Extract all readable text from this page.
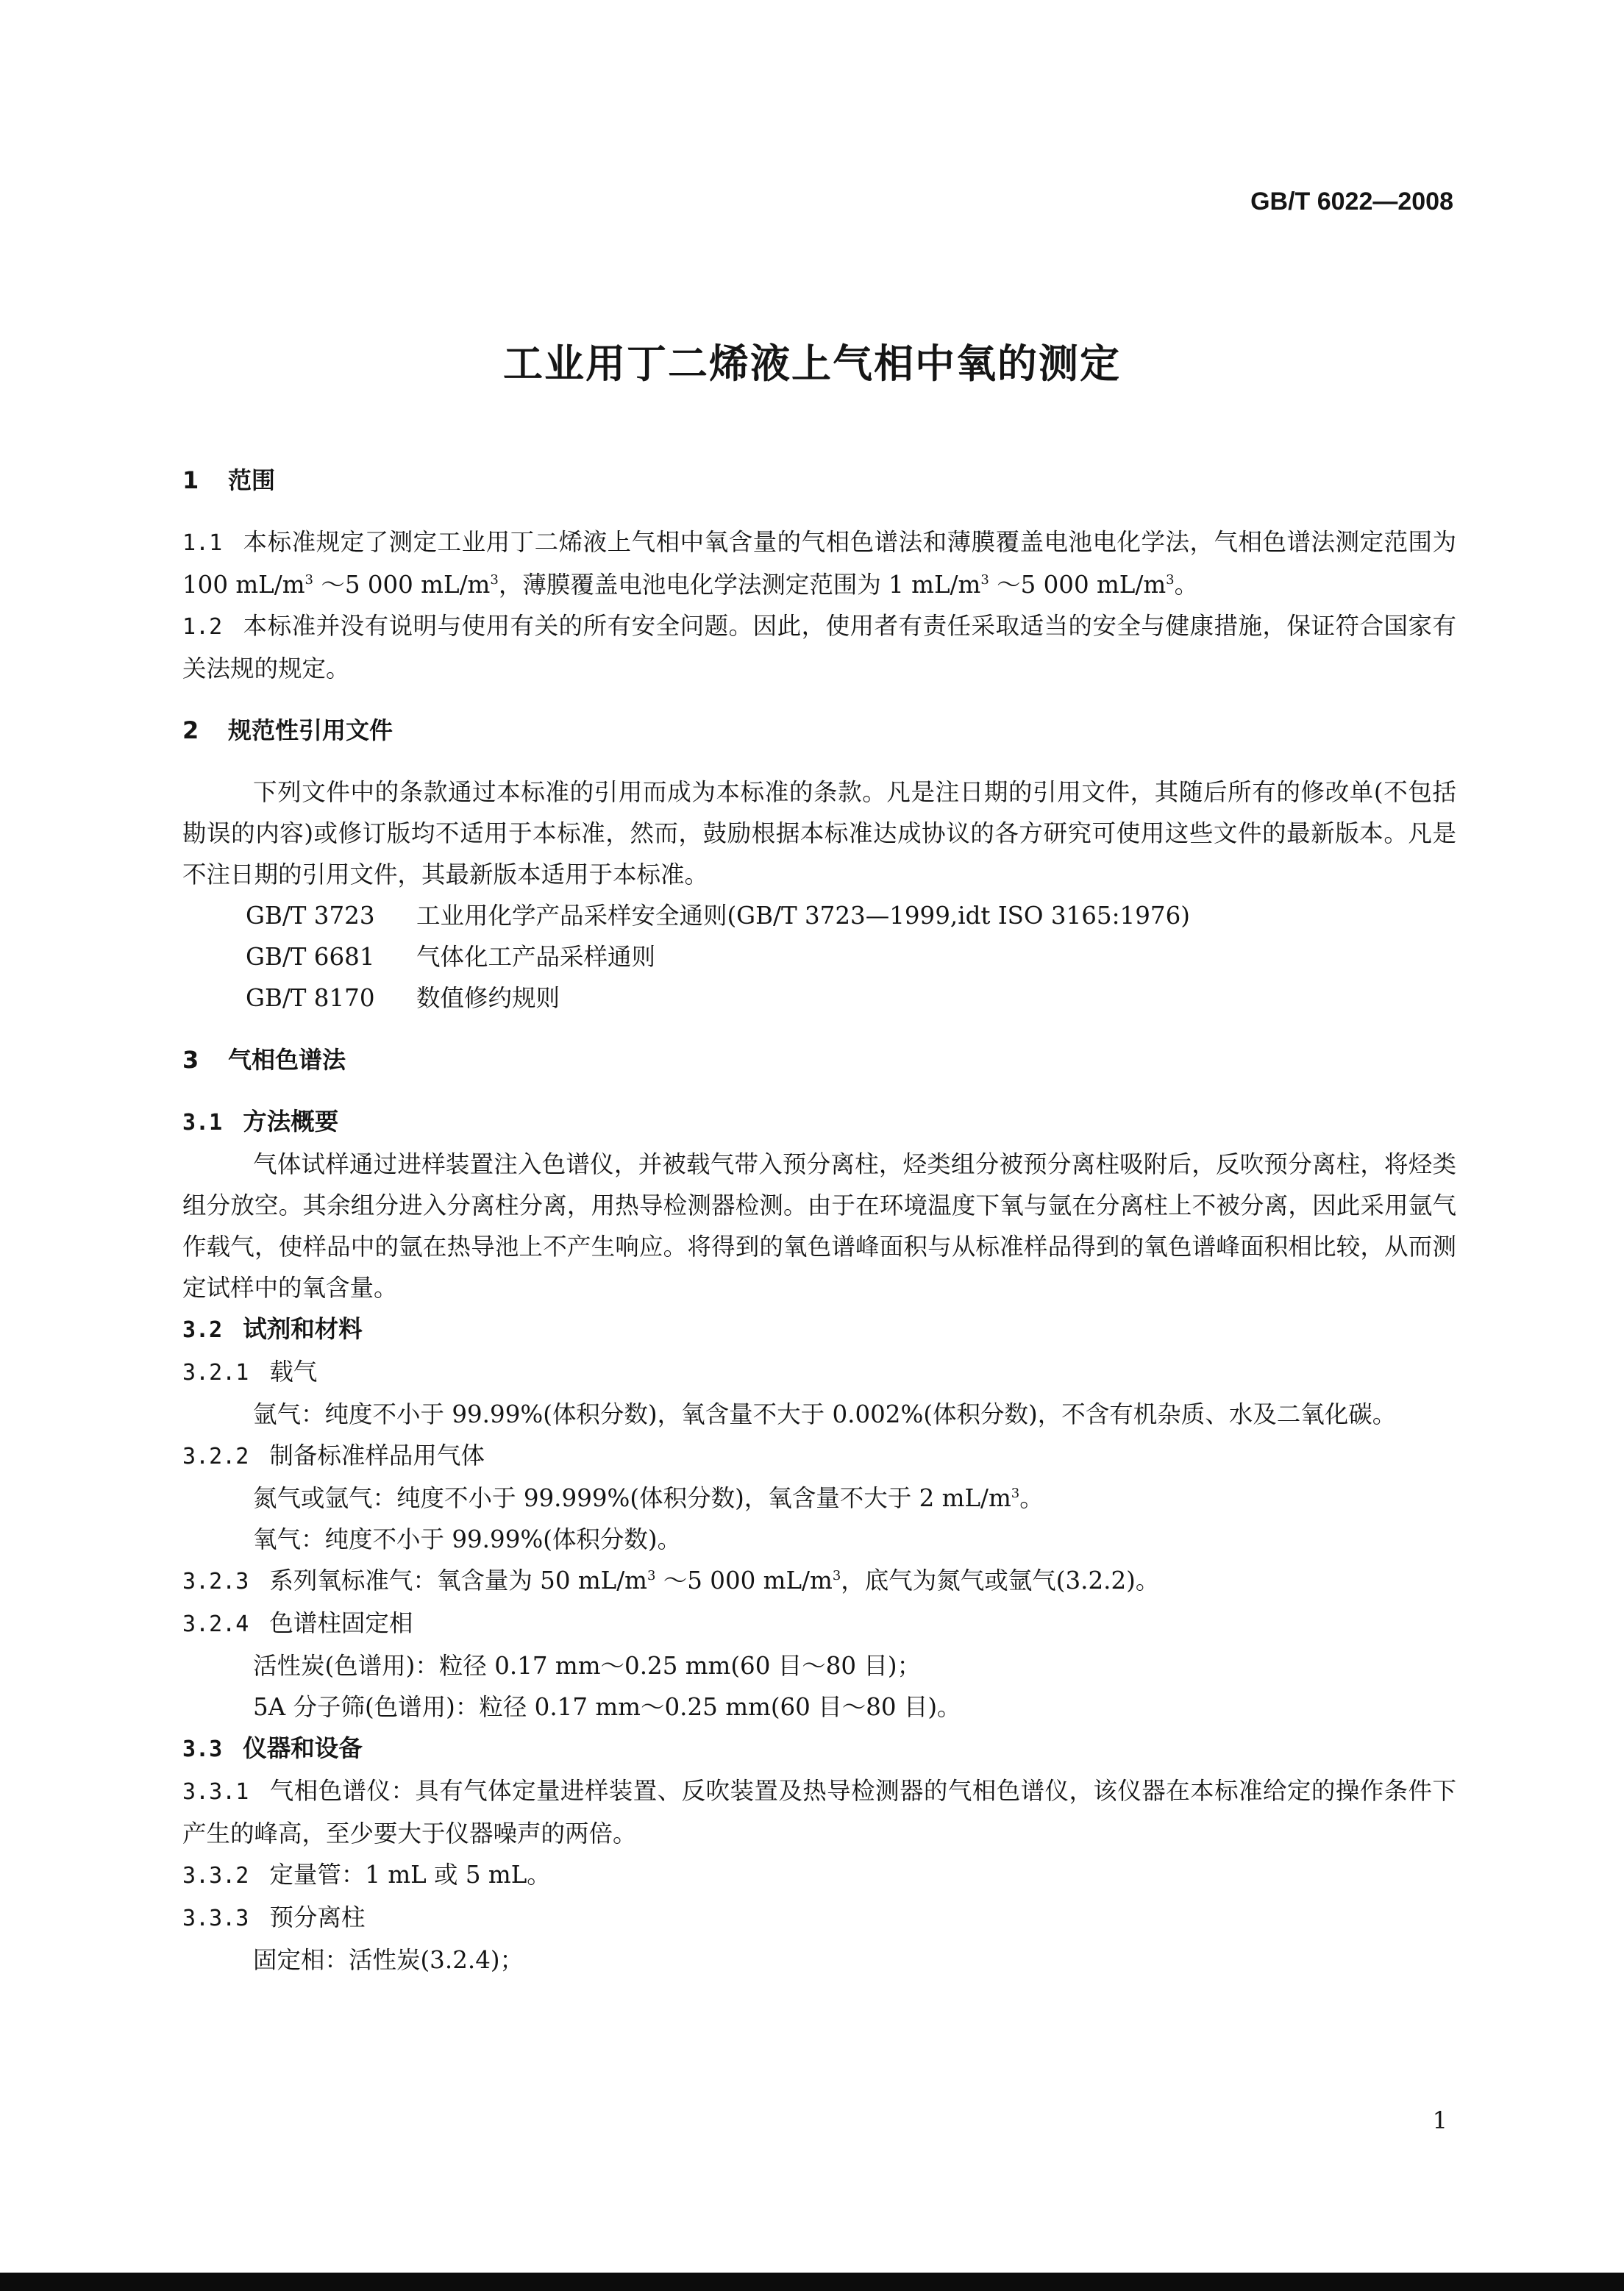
GB/T 6022—2008
工业用丁二烯液上气相中氧的测定
1 范围

1.1 本标准规定了测定工业用丁二烯液上气相中氧含量的气相色谱法和薄膜覆盖电池电化学法，气相色谱法测定范围为 100 $mL/m^3$ ～5 000 $mL/m^3$，薄膜覆盖电池电化学法测定范围为 1 $mL/m^3$ ～5 000 $mL/m^3$。

1.2 本标准并没有说明与使用有关的所有安全问题。因此，使用者有责任采取适当的安全与健康措施，保证符合国家有关法规的规定。

2 规范性引用文件

下列文件中的条款通过本标准的引用而成为本标准的条款。凡是注日期的引用文件，其随后所有的修改单(不包括勘误的内容)或修订版均不适用于本标准，然而，鼓励根据本标准达成协议的各方研究可使用这些文件的最新版本。凡是不注日期的引用文件，其最新版本适用于本标准。

GB/T 3723 工业用化学产品采样安全通则(GB/T 3723—1999,idt ISO 3165:1976)
GB/T 6681 气体化工产品采样通则
GB/T 8170 数值修约规则
3 气相色谱法
3.1 方法概要

气体试样通过进样装置注入色谱仪，并被载气带入预分离柱，烃类组分被预分离柱吸附后，反吹预分离柱，将烃类组分放空。其余组分进入分离柱分离，用热导检测器检测。由于在环境温度下氧与氩在分离柱上不被分离，因此采用氩气作载气，使样品中的氩在热导池上不产生响应。将得到的氧色谱峰面积与从标准样品得到的氧色谱峰面积相比较，从而测定试样中的氧含量。

3.2 试剂和材料
3.2.1 载气

氩气：纯度不小于 99.99%(体积分数)，氧含量不大于 0.002%(体积分数)，不含有机杂质、水及二氧化碳。

3.2.2 制备标准样品用气体

氮气或氩气：纯度不小于 99.999%(体积分数)，氧含量不大于 2 $mL/m^3$。

氧气：纯度不小于 99.99%(体积分数)。

3.2.3 系列氧标准气：氧含量为 50 $mL/m^3$ ～5 000 $mL/m^3$，底气为氮气或氩气(3.2.2)。

3.2.4 色谱柱固定相

活性炭(色谱用)：粒径 0.17 mm～0.25 mm(60 目～80 目)；

5A 分子筛(色谱用)：粒径 0.17 mm～0.25 mm(60 目～80 目)。

3.3 仪器和设备

3.3.1 气相色谱仪：具有气体定量进样装置、反吹装置及热导检测器的气相色谱仪，该仪器在本标准给定的操作条件下产生的峰高，至少要大于仪器噪声的两倍。

3.3.2 定量管：1 mL 或 5 mL。

3.3.3 预分离柱

固定相：活性炭(3.2.4)；

1
